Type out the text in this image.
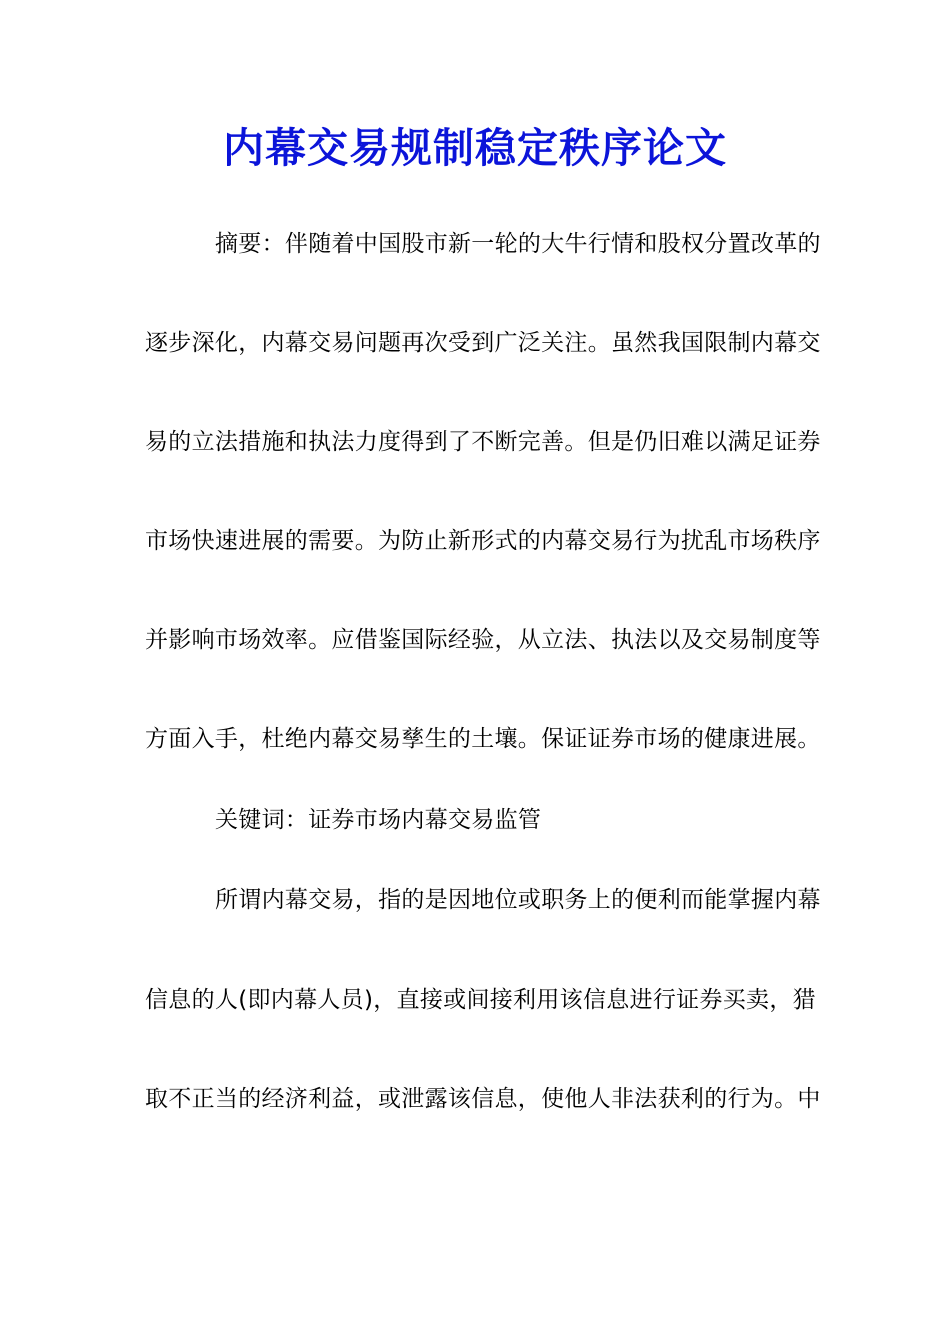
内幕交易规制稳定秩序论文
摘要：伴随着中国股市新一轮的大牛行情和股权分置改革的
逐步深化，内幕交易问题再次受到广泛关注。虽然我国限制内幕交
易的立法措施和执法力度得到了不断完善。但是仍旧难以满足证券
市场快速进展的需要。为防止新形式的内幕交易行为扰乱市场秩序
并影响市场效率。应借鉴国际经验，从立法、执法以及交易制度等
方面入手，杜绝内幕交易孳生的土壤。保证证券市场的健康进展。
关键词：证券市场内幕交易监管
所谓内幕交易，指的是因地位或职务上的便利而能掌握内幕
信息的人(即内幕人员)，直接或间接利用该信息进行证券买卖，猎
取不正当的经济利益，或泄露该信息，使他人非法获利的行为。中
